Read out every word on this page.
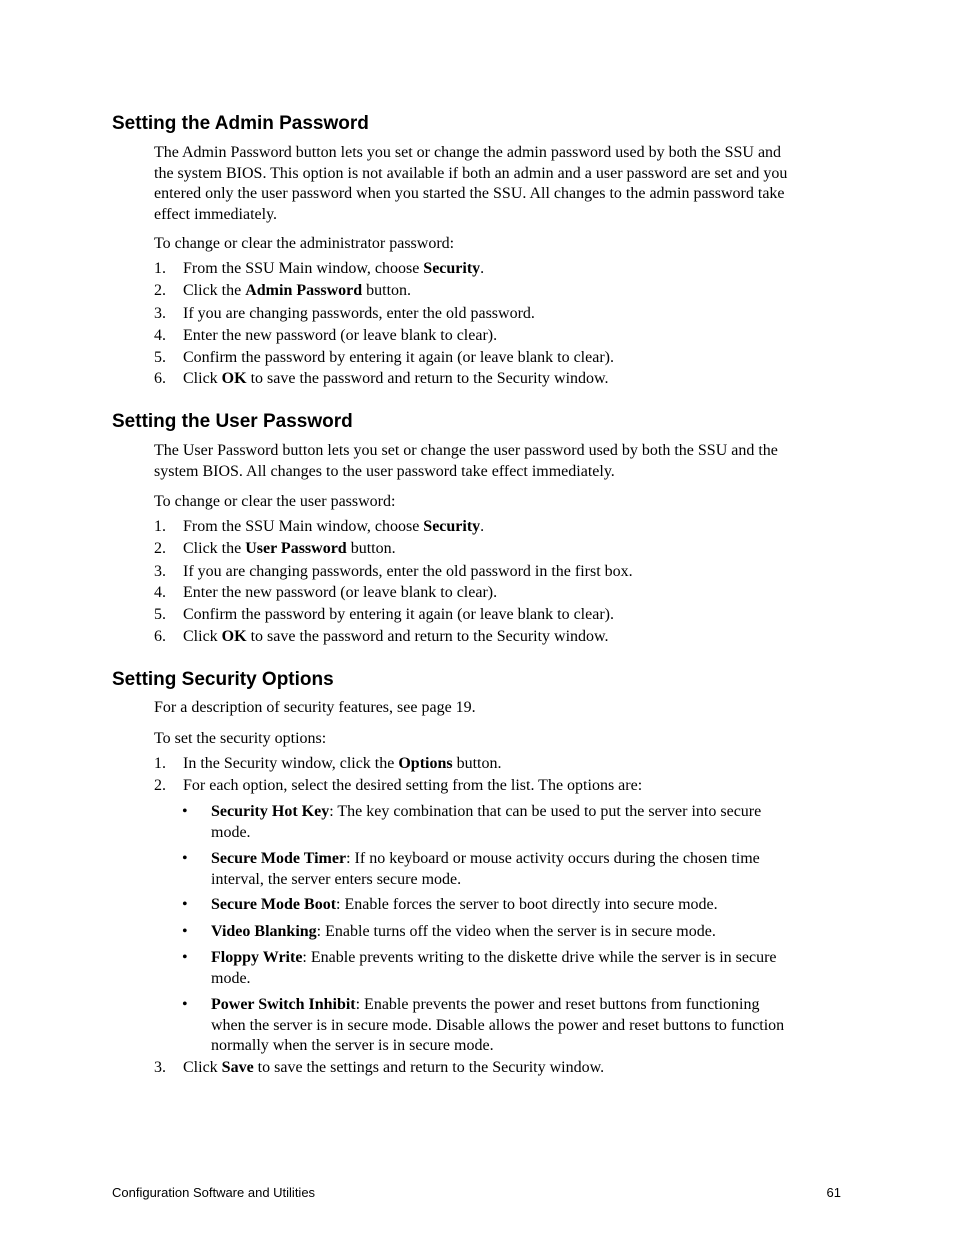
Setting the Admin Password
The Admin Password button lets you set or change the admin password used by both the SSU and
the system BIOS. This option is not available if both an admin and a user password are set and you
entered only the user password when you started the SSU. All changes to the admin password take
effect immediately.

To change or clear the administrator password:

1. From the SSU Main window, choose Security.
2. Click the Admin Password button.
3. If you are changing passwords, enter the old password.
4. Enter the new password (or leave blank to clear).
5. Confirm the password by entering it again (or leave blank to clear).
6. Click OK to save the password and return to the Security window.
Setting the User Password
The User Password button lets you set or change the user password used by both the SSU and the
system BIOS. All changes to the user password take effect immediately.

To change or clear the user password:

1. From the SSU Main window, choose Security.
2. Click the User Password button.
3. If you are changing passwords, enter the old password in the first box.
4. Enter the new password (or leave blank to clear).
5. Confirm the password by entering it again (or leave blank to clear).
6. Click OK to save the password and return to the Security window.
Setting Security Options

For a description of security features, see page 19.

To set the security options:

1. In the Security window, click the Options button.
2. For each option, select the desired setting from the list. The options are:
• Security Hot Key: The key combination that can be used to put the server into secure
mode.
• Secure Mode Timer: If no keyboard or mouse activity occurs during the chosen time
interval, the server enters secure mode.
• Secure Mode Boot: Enable forces the server to boot directly into secure mode.
• Video Blanking: Enable turns off the video when the server is in secure mode.
• Floppy Write: Enable prevents writing to the diskette drive while the server is in secure
mode.
• Power Switch Inhibit: Enable prevents the power and reset buttons from functioning
when the server is in secure mode. Disable allows the power and reset buttons to function
normally when the server is in secure mode.
3. Click Save to save the settings and return to the Security window.
Configuration Software and Utilities	61
